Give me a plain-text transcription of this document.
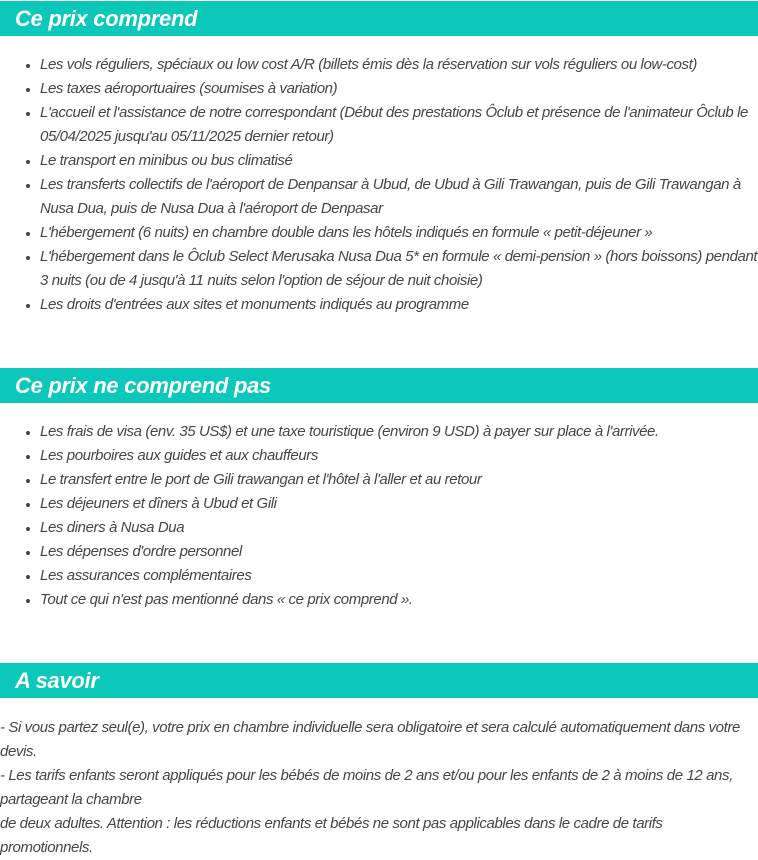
Ce prix comprend
• Les vols réguliers, spéciaux ou low cost A/R (billets émis dès la réservation sur vols réguliers ou low-cost)
• Les taxes aéroportuaires (soumises à variation)
• L'accueil et l'assistance de notre correspondant (Début des prestations Ôclub et présence de l'animateur Ôclub le 05/04/2025 jusqu'au 05/11/2025 dernier retour)
• Le transport en minibus ou bus climatisé
• Les transferts collectifs de l'aéroport de Denpansar à Ubud, de Ubud à Gili Trawangan, puis de Gili Trawangan à Nusa Dua, puis de Nusa Dua à l'aéroport de Denpasar
• L'hébergement (6 nuits) en chambre double dans les hôtels indiqués en formule « petit-déjeuner »
• L'hébergement dans le Ôclub Select Merusaka Nusa Dua 5* en formule « demi-pension » (hors boissons) pendant 3 nuits (ou de 4 jusqu'à 11 nuits selon l'option de séjour de nuit choisie)
• Les droits d'entrées aux sites et monuments indiqués au programme
Ce prix ne comprend pas
• Les frais de visa (env. 35 US$) et une taxe touristique (environ 9 USD) à payer sur place à l'arrivée.
• Les pourboires aux guides et aux chauffeurs
• Le transfert entre le port de Gili trawangan et l'hôtel à l'aller et au retour
• Les déjeuners et dîners à Ubud et Gili
• Les diners à Nusa Dua
• Les dépenses d'ordre personnel
• Les assurances complémentaires
• Tout ce qui n'est pas mentionné dans « ce prix comprend ».
A savoir

- Si vous partez seul(e), votre prix en chambre individuelle sera obligatoire et sera calculé automatiquement dans votre devis.

- Les tarifs enfants seront appliqués pour les bébés de moins de 2 ans et/ou pour les enfants de 2 à moins de 12 ans, partageant la chambre

de deux adultes. Attention : les réductions enfants et bébés ne sont pas applicables dans le cadre de tarifs promotionnels.
